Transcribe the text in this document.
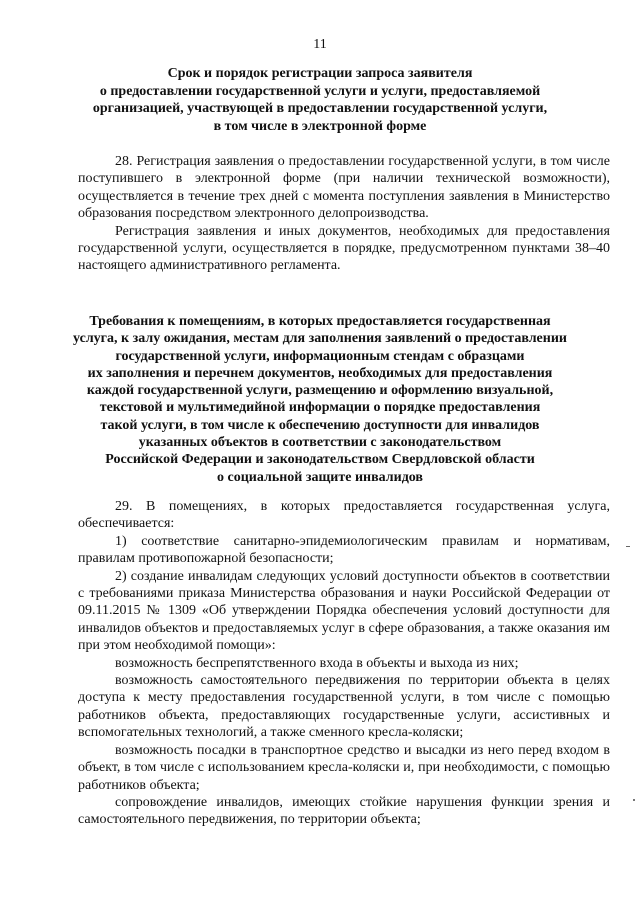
11
Срок и порядок регистрации запроса заявителя
о предоставлении государственной услуги и услуги, предоставляемой
организацией, участвующей в предоставлении государственной услуги,
в том числе в электронной форме

28. Регистрация заявления о предоставлении государственной услуги, в том числе поступившего в электронной форме (при наличии технической возможности), осуществляется в течение трех дней с момента поступления заявления в Министерство образования посредством электронного делопроизводства.

Регистрация заявления и иных документов, необходимых для предоставления государственной услуги, осуществляется в порядке, предусмотренном пунктами 38–40 настоящего административного регламента.

Требования к помещениям, в которых предоставляется государственная
услуга, к залу ожидания, местам для заполнения заявлений о предоставлении
государственной услуги, информационным стендам с образцами
их заполнения и перечнем документов, необходимых для предоставления
каждой государственной услуги, размещению и оформлению визуальной,
текстовой и мультимедийной информации о порядке предоставления
такой услуги, в том числе к обеспечению доступности для инвалидов
указанных объектов в соответствии с законодательством
Российской Федерации и законодательством Свердловской области
о социальной защите инвалидов

29. В помещениях, в которых предоставляется государственная услуга, обеспечивается:

1) соответствие санитарно-эпидемиологическим правилам и нормативам, правилам противопожарной безопасности;

2) создание инвалидам следующих условий доступности объектов в соответствии с требованиями приказа Министерства образования и науки Российской Федерации от 09.11.2015 № 1309 «Об утверждении Порядка обеспечения условий доступности для инвалидов объектов и предоставляемых услуг в сфере образования, а также оказания им при этом необходимой помощи»:

возможность беспрепятственного входа в объекты и выхода из них;

возможность самостоятельного передвижения по территории объекта в целях доступа к месту предоставления государственной услуги, в том числе с помощью работников объекта, предоставляющих государственные услуги, ассистивных и вспомогательных технологий, а также сменного кресла-коляски;

возможность посадки в транспортное средство и высадки из него перед входом в объект, в том числе с использованием кресла-коляски и, при необходимости, с помощью работников объекта;

сопровождение инвалидов, имеющих стойкие нарушения функции зрения и самостоятельного передвижения, по территории объекта;
